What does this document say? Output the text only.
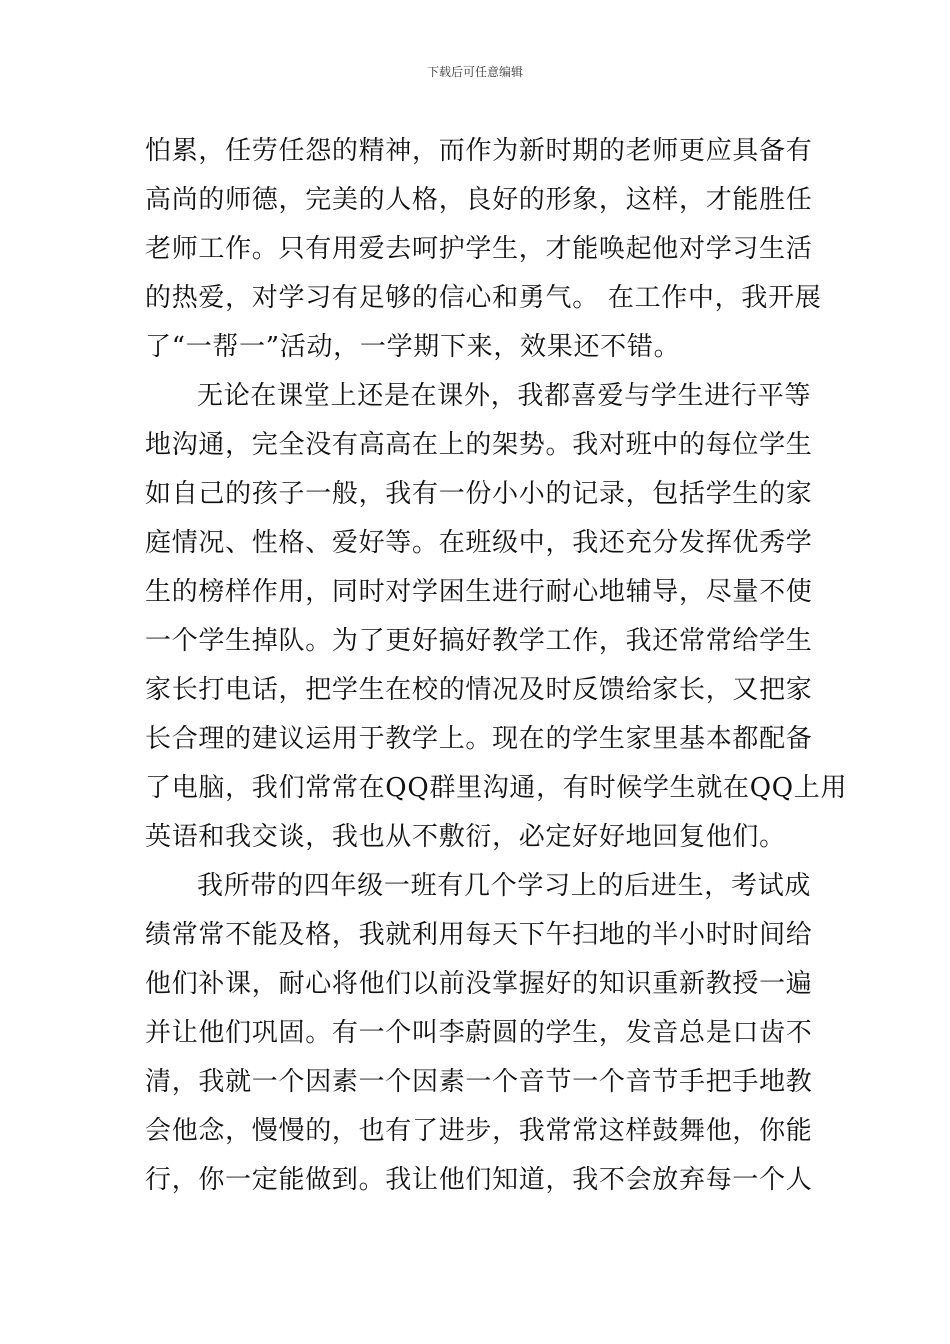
下载后可任意编辑
怕累，任劳任怨的精神，而作为新时期的老师更应具备有
高尚的师德，完美的人格，良好的形象，这样，才能胜任
老师工作。只有用爱去呵护学生，才能唤起他对学习生活
的热爱，对学习有足够的信心和勇气。 在工作中，我开展
了“一帮一”活动，一学期下来，效果还不错。
无论在课堂上还是在课外，我都喜爱与学生进行平等
地沟通，完全没有高高在上的架势。我对班中的每位学生
如自己的孩子一般，我有一份小小的记录，包括学生的家
庭情况、性格、爱好等。在班级中，我还充分发挥优秀学
生的榜样作用，同时对学困生进行耐心地辅导，尽量不使
一个学生掉队。为了更好搞好教学工作，我还常常给学生
家长打电话，把学生在校的情况及时反馈给家长，又把家
长合理的建议运用于教学上。现在的学生家里基本都配备
了电脑，我们常常在QQ群里沟通，有时候学生就在QQ上用
英语和我交谈，我也从不敷衍，必定好好地回复他们。
我所带的四年级一班有几个学习上的后进生，考试成
绩常常不能及格，我就利用每天下午扫地的半小时时间给
他们补课，耐心将他们以前没掌握好的知识重新教授一遍
并让他们巩固。有一个叫李蔚圆的学生，发音总是口齿不
清，我就一个因素一个因素一个音节一个音节手把手地教
会他念，慢慢的，也有了进步，我常常这样鼓舞他，你能
行，你一定能做到。我让他们知道，我不会放弃每一个人
